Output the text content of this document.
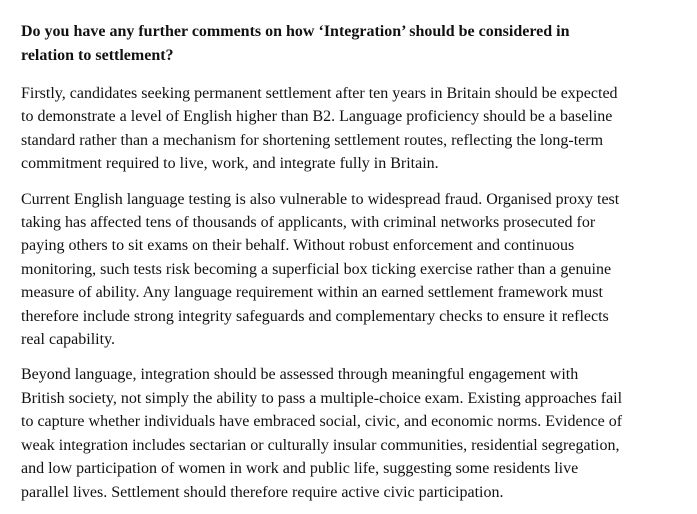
Do you have any further comments on how ‘Integration’ should be considered in
relation to settlement?
Firstly, candidates seeking permanent settlement after ten years in Britain should be expected
to demonstrate a level of English higher than B2. Language proficiency should be a baseline
standard rather than a mechanism for shortening settlement routes, reflecting the long-term
commitment required to live, work, and integrate fully in Britain.
Current English language testing is also vulnerable to widespread fraud. Organised proxy test
taking has affected tens of thousands of applicants, with criminal networks prosecuted for
paying others to sit exams on their behalf. Without robust enforcement and continuous
monitoring, such tests risk becoming a superficial box ticking exercise rather than a genuine
measure of ability. Any language requirement within an earned settlement framework must
therefore include strong integrity safeguards and complementary checks to ensure it reflects
real capability.
Beyond language, integration should be assessed through meaningful engagement with
British society, not simply the ability to pass a multiple-choice exam. Existing approaches fail
to capture whether individuals have embraced social, civic, and economic norms. Evidence of
weak integration includes sectarian or culturally insular communities, residential segregation,
and low participation of women in work and public life, suggesting some residents live
parallel lives. Settlement should therefore require active civic participation.
